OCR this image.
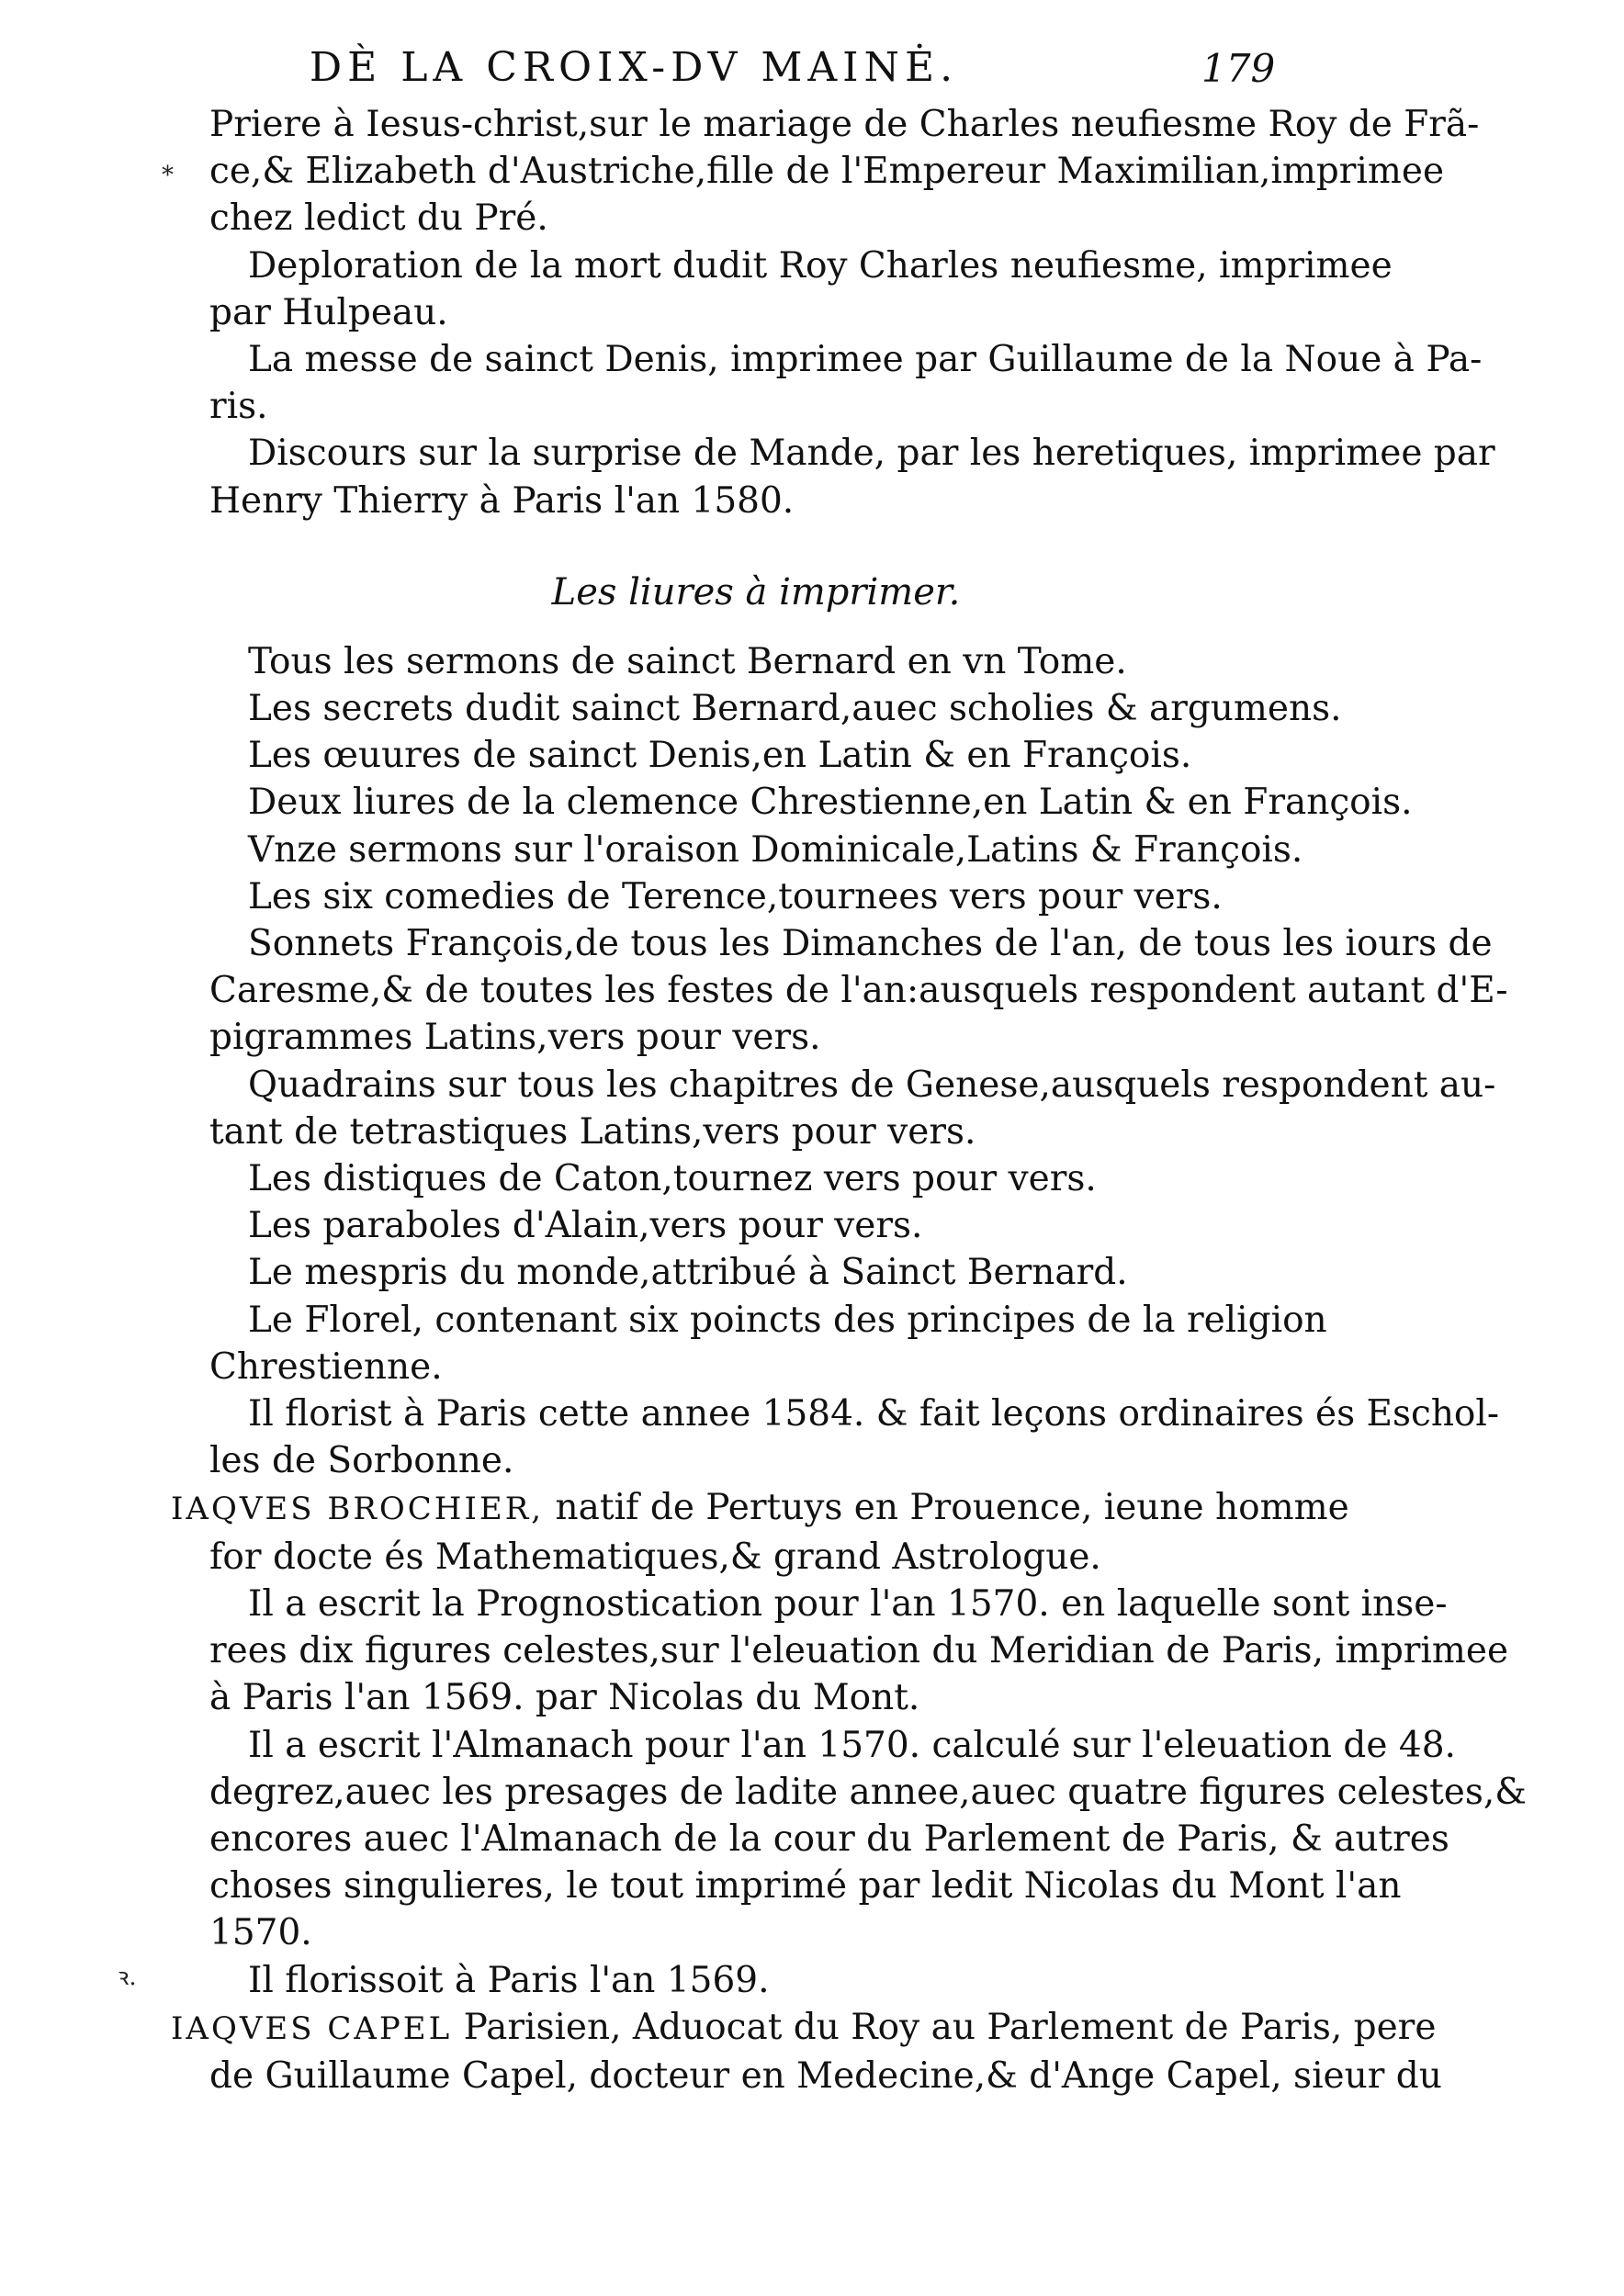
DÈ LA CROIX-DV MAINĖ.	179
*
ꝛ.
Priere à Iesus-christ,sur le mariage de Charles neufiesme Roy de Frã-
ce,& Elizabeth d'Austriche,fille de l'Empereur Maximilian,imprimee
chez ledict du Pré.
Deploration de la mort dudit Roy Charles neufiesme, imprimee
par Hulpeau.
La messe de sainct Denis, imprimee par Guillaume de la Noue à Pa-
ris.
Discours sur la surprise de Mande, par les heretiques, imprimee par
Henry Thierry à Paris l'an 1580.
Les liures à imprimer.
Tous les sermons de sainct Bernard en vn Tome.
Les secrets dudit sainct Bernard,auec scholies & argumens.
Les œuures de sainct Denis,en Latin & en François.
Deux liures de la clemence Chrestienne,en Latin & en François.
Vnze sermons sur l'oraison Dominicale,Latins & François.
Les six comedies de Terence,tournees vers pour vers.
Sonnets François,de tous les Dimanches de l'an, de tous les iours de
Caresme,& de toutes les festes de l'an:ausquels respondent autant d'E-
pigrammes Latins,vers pour vers.
Quadrains sur tous les chapitres de Genese,ausquels respondent au-
tant de tetrastiques Latins,vers pour vers.
Les distiques de Caton,tournez vers pour vers.
Les paraboles d'Alain,vers pour vers.
Le mespris du monde,attribué à Sainct Bernard.
Le Florel, contenant six poincts des principes de la religion
Chrestienne.
Il florist à Paris cette annee 1584. & fait leçons ordinaires és Eschol-
les de Sorbonne.
IAQVES BROCHIER, natif de Pertuys en Prouence, ieune homme
for docte és Mathematiques,& grand Astrologue.
Il a escrit la Prognostication pour l'an 1570. en laquelle sont inse-
rees dix figures celestes,sur l'eleuation du Meridian de Paris, imprimee
à Paris l'an 1569. par Nicolas du Mont.
Il a escrit l'Almanach pour l'an 1570. calculé sur l'eleuation de 48.
degrez,auec les presages de ladite annee,auec quatre figures celestes,&
encores auec l'Almanach de la cour du Parlement de Paris, & autres
choses singulieres, le tout imprimé par ledit Nicolas du Mont l'an
1570.
Il florissoit à Paris l'an 1569.
IAQVES CAPEL Parisien, Aduocat du Roy au Parlement de Paris, pere
de Guillaume Capel, docteur en Medecine,& d'Ange Capel, sieur du
